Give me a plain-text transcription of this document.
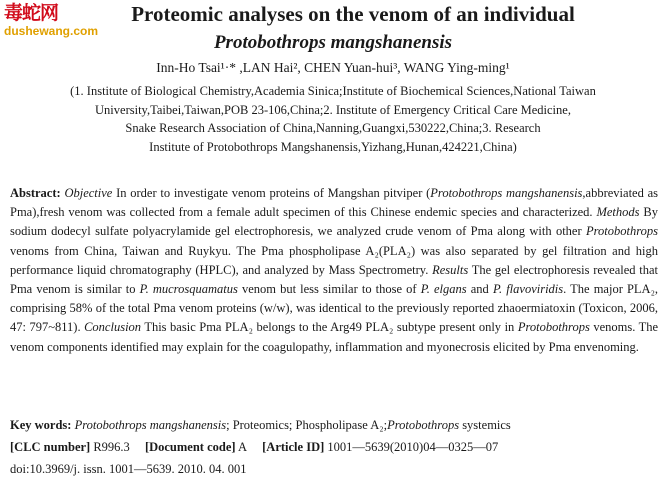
毒蛇网
dushewang.com
Proteomic analyses on the venom of an individual
Protobothrops mangshanensis
Inn-Ho Tsai¹·* ,LAN Hai², CHEN Yuan-hui³, WANG Ying-ming¹
(1. Institute of Biological Chemistry,Academia Sinica;Institute of Biochemical Sciences,National Taiwan
University,Taibei,Taiwan,POB 23-106,China;2. Institute of Emergency Critical Care Medicine,
Snake Research Association of China,Nanning,Guangxi,530222,China;3. Research
Institute of Protobothrops Mangshanensis,Yizhang,Hunan,424221,China)
Abstract: Objective In order to investigate venom proteins of Mangshan pitviper (Protobothrops mangshanensis,abbreviated as Pma),fresh venom was collected from a female adult specimen of this Chinese endemic species and characterized. Methods By sodium dodecyl sulfate polyacrylamide gel electrophoresis, we analyzed crude venom of Pma along with other Protobothrops venoms from China, Taiwan and Ruykyu. The Pma phospholipase A₂(PLA₂) was also separated by gel filtration and high performance liquid chromatography (HPLC), and analyzed by Mass Spectrometry. Results The gel electrophoresis revealed that Pma venom is similar to P. mucrosquamatus venom but less similar to those of P. elgans and P. flavoviridis. The major PLA₂, comprising 58% of the total Pma venom proteins (w/w), was identical to the previously reported zhaoermiatoxin (Toxicon, 2006, 47: 797~811). Conclusion This basic Pma PLA₂ belongs to the Arg49 PLA₂ subtype present only in Protobothrops venoms. The venom components identified may explain for the coagulopathy, inflammation and myonecrosis elicited by Pma envenoming.
Key words: Protobothrops mangshanensis; Proteomics; Phospholipase A₂;Protobothrops systemics
[CLC number] R996.3 [Document code] A [Article ID] 1001—5639(2010)04—0325—07
doi:10.3969/j. issn. 1001—5639. 2010. 04. 001
